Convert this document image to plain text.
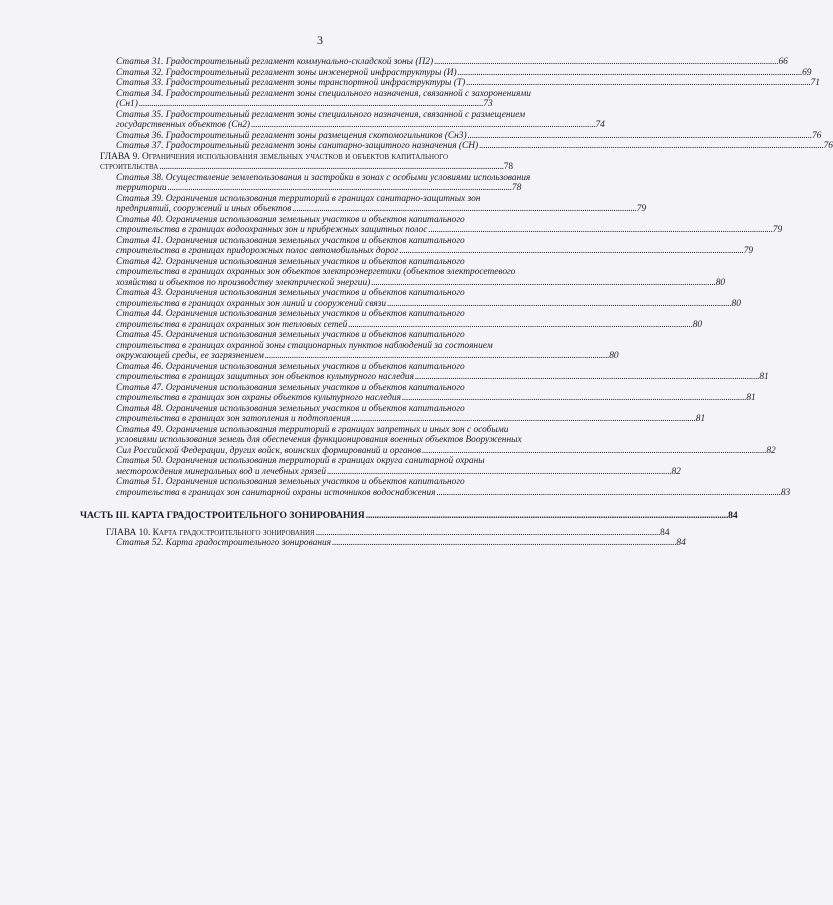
3
Статья 31. Градостроительный регламент коммунально-складской зоны (П2) . . .	66
Статья 32. Градостроительный регламент зоны инженерной инфраструктуры (И) . . .	69
Статья 33. Градостроительный регламент зоны транспортной инфраструктуры (Т) . . .	71
Статья 34. Градостроительный регламент зоны специального назначения, связанной с захоронениями
(Сн1) . . .	73
Статья 35. Градостроительный регламент зоны специального назначения, связанной с размещением
государственных объектов (Сн2) . . .	74
Статья 36. Градостроительный регламент зоны размещения скотомогильников (Сн3) . . .	76
Статья 37. Градостроительный регламент зоны санитарно-защитного назначения (СН) . . .	76
ГЛАВА 9. Ограничения использования земельных участков и объектов капитального
строительства . . .	78
Статья 38. Осуществление землепользования и застройки в зонах с особыми условиями использования
территории . . .	78
Статья 39. Ограничения использования территорий в границах санитарно-защитных зон
предприятий, сооружений и иных объектов . . .	79
Статья 40. Ограничения использования земельных участков и объектов капитального
строительства в границах водоохранных зон и прибрежных защитных полос . . .	79
Статья 41. Ограничения использования земельных участков и объектов капитального
строительства в границах придорожных полос автомобильных дорог . . .	79
Статья 42. Ограничения использования земельных участков и объектов капитального
строительства в границах охранных зон объектов электроэнергетики (объектов электросетевого
хозяйства и объектов по производству электрической энергии) . . .	80
Статья 43. Ограничения использования земельных участков и объектов капитального
строительства в границах охранных зон линий и сооружений связи . . .	80
Статья 44. Ограничения использования земельных участков и объектов капитального
строительства в границах охранных зон тепловых сетей . . .	80
Статья 45. Ограничения использования земельных участков и объектов капитального
строительства в границах охранной зоны стационарных пунктов наблюдений за состоянием
окружающей среды, ее загрязнением . . .	80
Статья 46. Ограничения использования земельных участков и объектов капитального
строительства в границах защитных зон объектов культурного наследия . . .	81
Статья 47. Ограничения использования земельных участков и объектов капитального
строительства в границах зон охраны объектов культурного наследия . . .	81
Статья 48. Ограничения использования земельных участков и объектов капитального
строительства в границах зон затопления и подтопления . . .	81
Статья 49. Ограничения использования территорий в границах запретных и иных зон с особыми
условиями использования земель для обеспечения функционирования военных объектов Вооруженных
Сил Российской Федерации, других войск, воинских формирований и органов . . .	82
Статья 50. Ограничения использования территорий в границах округа санитарной охраны
месторождения минеральных вод и лечебных грязей . . .	82
Статья 51. Ограничения использования земельных участков и объектов капитального
строительства в границах зон санитарной охраны источников водоснабжения . . .	83
ЧАСТЬ III. КАРТА ГРАДОСТРОИТЕЛЬНОГО ЗОНИРОВАНИЯ . . .	84
ГЛАВА 10. Карта градостроительного зонирования . . .	84
Статья 52. Карта градостроительного зонирования . . .	84
